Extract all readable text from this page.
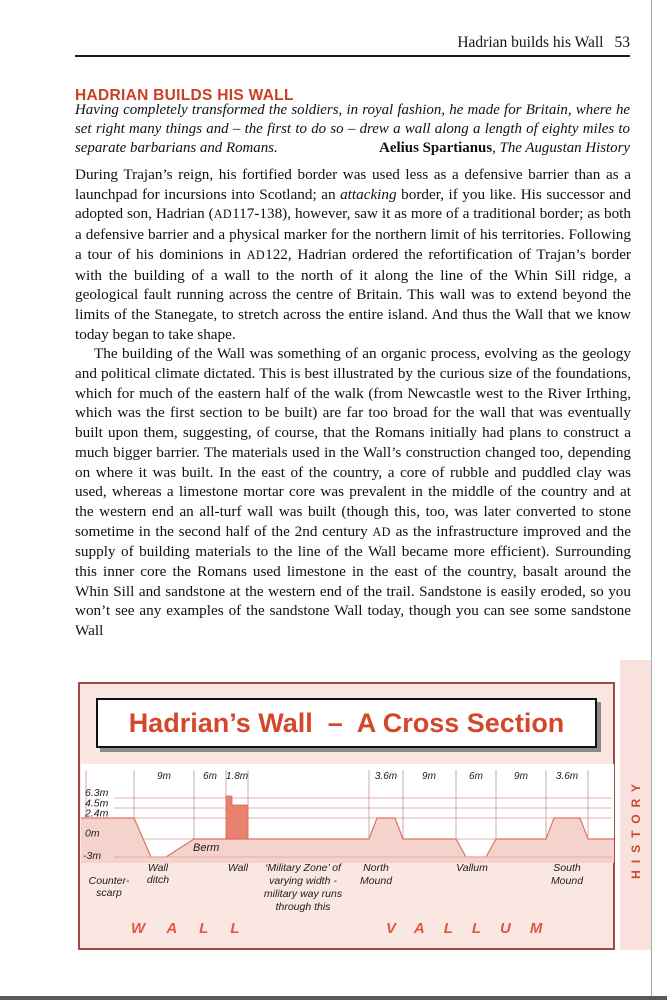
Hadrian builds his Wall 53
HADRIAN BUILDS HIS WALL
Having completely transformed the soldiers, in royal fashion, he made for Britain, where he set right many things and – the first to do so – drew a wall along a length of eighty miles to separate barbarians and Romans.	Aelius Spartianus, The Augustan History

During Trajan’s reign, his fortified border was used less as a defensive barrier than as a launchpad for incursions into Scotland; an attacking border, if you like. His successor and adopted son, Hadrian (AD117-138), however, saw it as more of a traditional border; as both a defensive barrier and a physical marker for the northern limit of his territories. Following a tour of his dominions in AD122, Hadrian ordered the refortification of Trajan’s border with the building of a wall to the north of it along the line of the Whin Sill ridge, a geological fault running across the centre of Britain. This wall was to extend beyond the limits of the Stanegate, to stretch across the entire island. And thus the Wall that we know today began to take shape.

The building of the Wall was something of an organic process, evolving as the geology and political climate dictated. This is best illustrated by the curious size of the foundations, which for much of the eastern half of the walk (from Newcastle west to the River Irthing, which was the first section to be built) are far too broad for the wall that was eventually built upon them, suggesting, of course, that the Romans initially had plans to construct a much bigger barrier. The materials used in the Wall’s construction changed too, depending on where it was built. In the east of the country, a core of rubble and puddled clay was used, whereas a limestone mortar core was prevalent in the middle of the country and at the western end an all-turf wall was built (though this, too, was later converted to stone sometime in the second half of the 2nd century AD as the infrastructure improved and the supply of building materials to the line of the Wall became more efficient). Surrounding this inner core the Romans used limestone in the east of the country, basalt around the Whin Sill and sandstone at the western end of the trail. Sandstone is easily eroded, so you won’t see any examples of the sandstone Wall today, though you can see some sandstone Wall

Hadrian’s Wall  –  A Cross Section
6.3m
4.5m
2.4m
0m
-3m
9m	6m 1.8m	3.6m 9m	6m	9m	3.6m
Berm
Counter-
scarp
Wall
ditch
Wall ‘Military Zone’ of
varying width -
military way runs
through this
North
Mound
Vallum	South
Mound
WALL	VALLUM
HISTORY
